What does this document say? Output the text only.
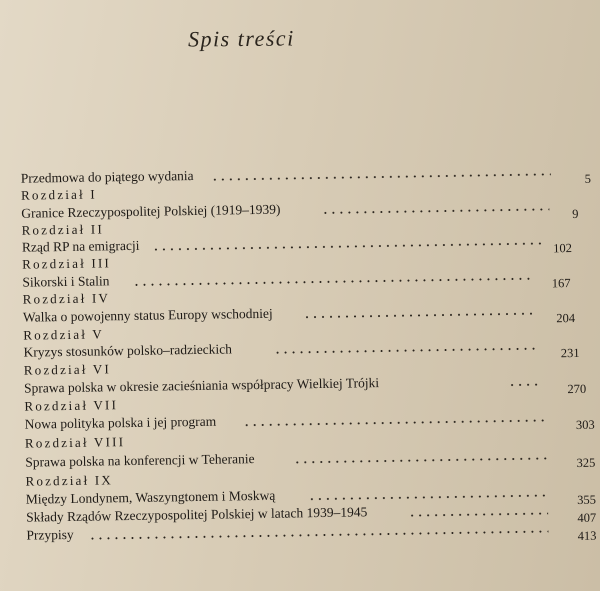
Spis treści
Przedmowa do piątego wydania	5
Rozdział I
Granice Rzeczypospolitej Polskiej (1919–1939)	9
Rozdział II
Rząd RP na emigracji	102
Rozdział III
Sikorski i Stalin	167
Rozdział IV
Walka o powojenny status Europy wschodniej	204
Rozdział V
Kryzys stosunków polsko–radzieckich	231
Rozdział VI
Sprawa polska w okresie zacieśniania współpracy Wielkiej Trójki	270
Rozdział VII
Nowa polityka polska i jej program	303
Rozdział VIII
Sprawa polska na konferencji w Teheranie	325
Rozdział IX
Między Londynem, Waszyngtonem i Moskwą	355
Składy Rządów Rzeczypospolitej Polskiej w latach 1939–1945	407
Przypisy	413
